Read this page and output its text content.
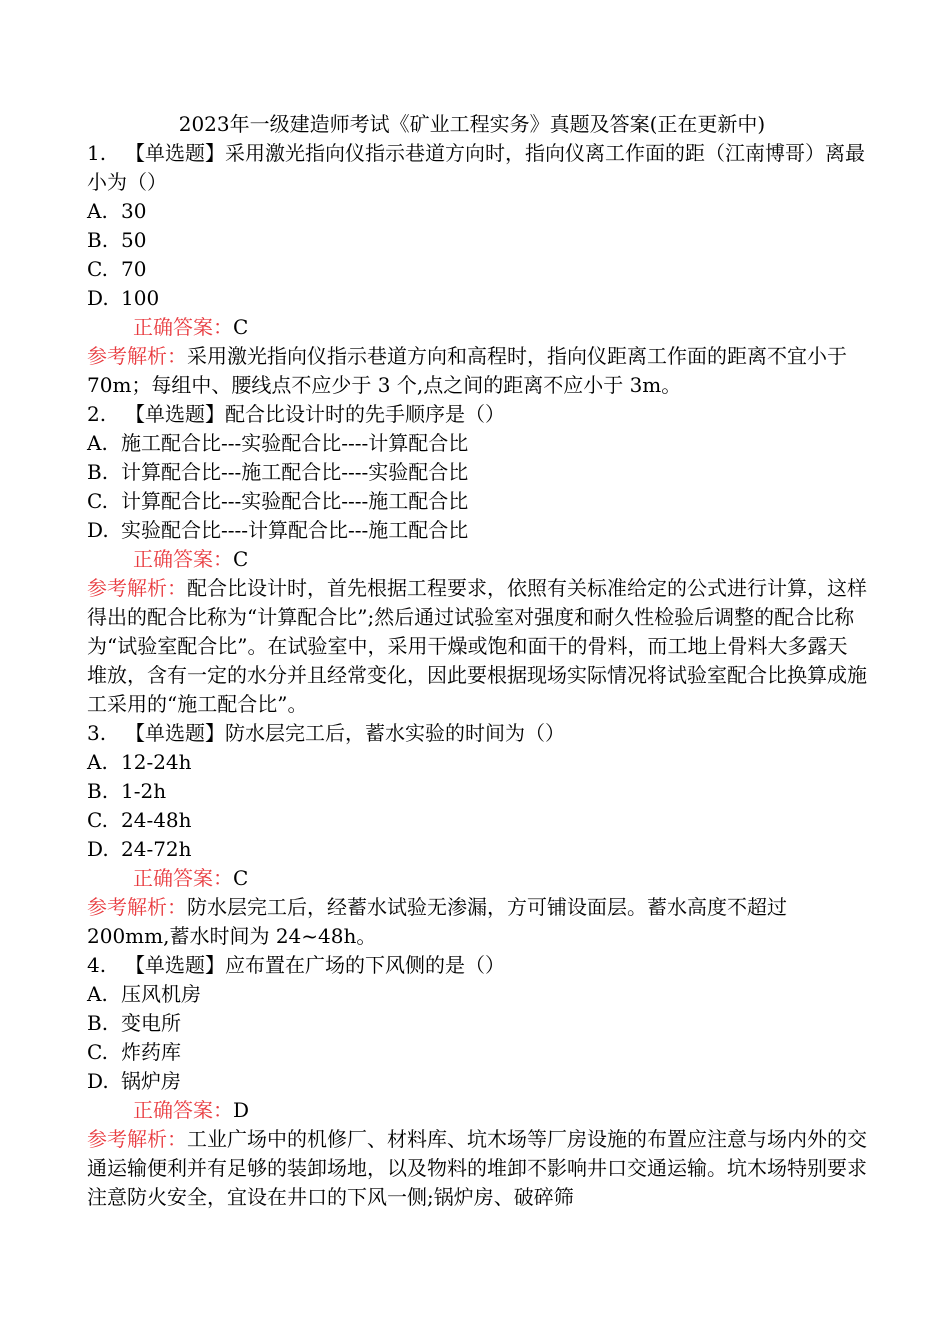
2023年一级建造师考试《矿业工程实务》真题及答案(正在更新中)
1. 【单选题】采用激光指向仪指示巷道方向时，指向仪离工作面的距（江南博哥）离最小为（）
A. 30
B. 50
C. 70
D. 100
正确答案：C
参考解析：采用激光指向仪指示巷道方向和高程时，指向仪距离工作面的距离不宜小于 70m；每组中、腰线点不应少于 3 个,点之间的距离不应小于 3m。
2. 【单选题】配合比设计时的先手顺序是（）
A. 施工配合比---实验配合比----计算配合比
B. 计算配合比---施工配合比----实验配合比
C. 计算配合比---实验配合比----施工配合比
D. 实验配合比----计算配合比---施工配合比
正确答案：C
参考解析：配合比设计时，首先根据工程要求，依照有关标准给定的公式进行计算，这样得出的配合比称为“计算配合比”;然后通过试验室对强度和耐久性检验后调整的配合比称为“试验室配合比”。在试验室中，采用干燥或饱和面干的骨料，而工地上骨料大多露天堆放，含有一定的水分并且经常变化，因此要根据现场实际情况将试验室配合比换算成施工采用的“施工配合比”。
3. 【单选题】防水层完工后，蓄水实验的时间为（）
A. 12-24h
B. 1-2h
C. 24-48h
D. 24-72h
正确答案：C
参考解析：防水层完工后，经蓄水试验无渗漏，方可铺设面层。蓄水高度不超过 200mm,蓄水时间为 24~48h。
4. 【单选题】应布置在广场的下风侧的是（）
A. 压风机房
B. 变电所
C. 炸药库
D. 锅炉房
正确答案：D
参考解析：工业广场中的机修厂、材料库、坑木场等厂房设施的布置应注意与场内外的交通运输便利并有足够的装卸场地，以及物料的堆卸不影响井口交通运输。坑木场特别要求注意防火安全，宜设在井口的下风一侧;锅炉房、破碎筛
